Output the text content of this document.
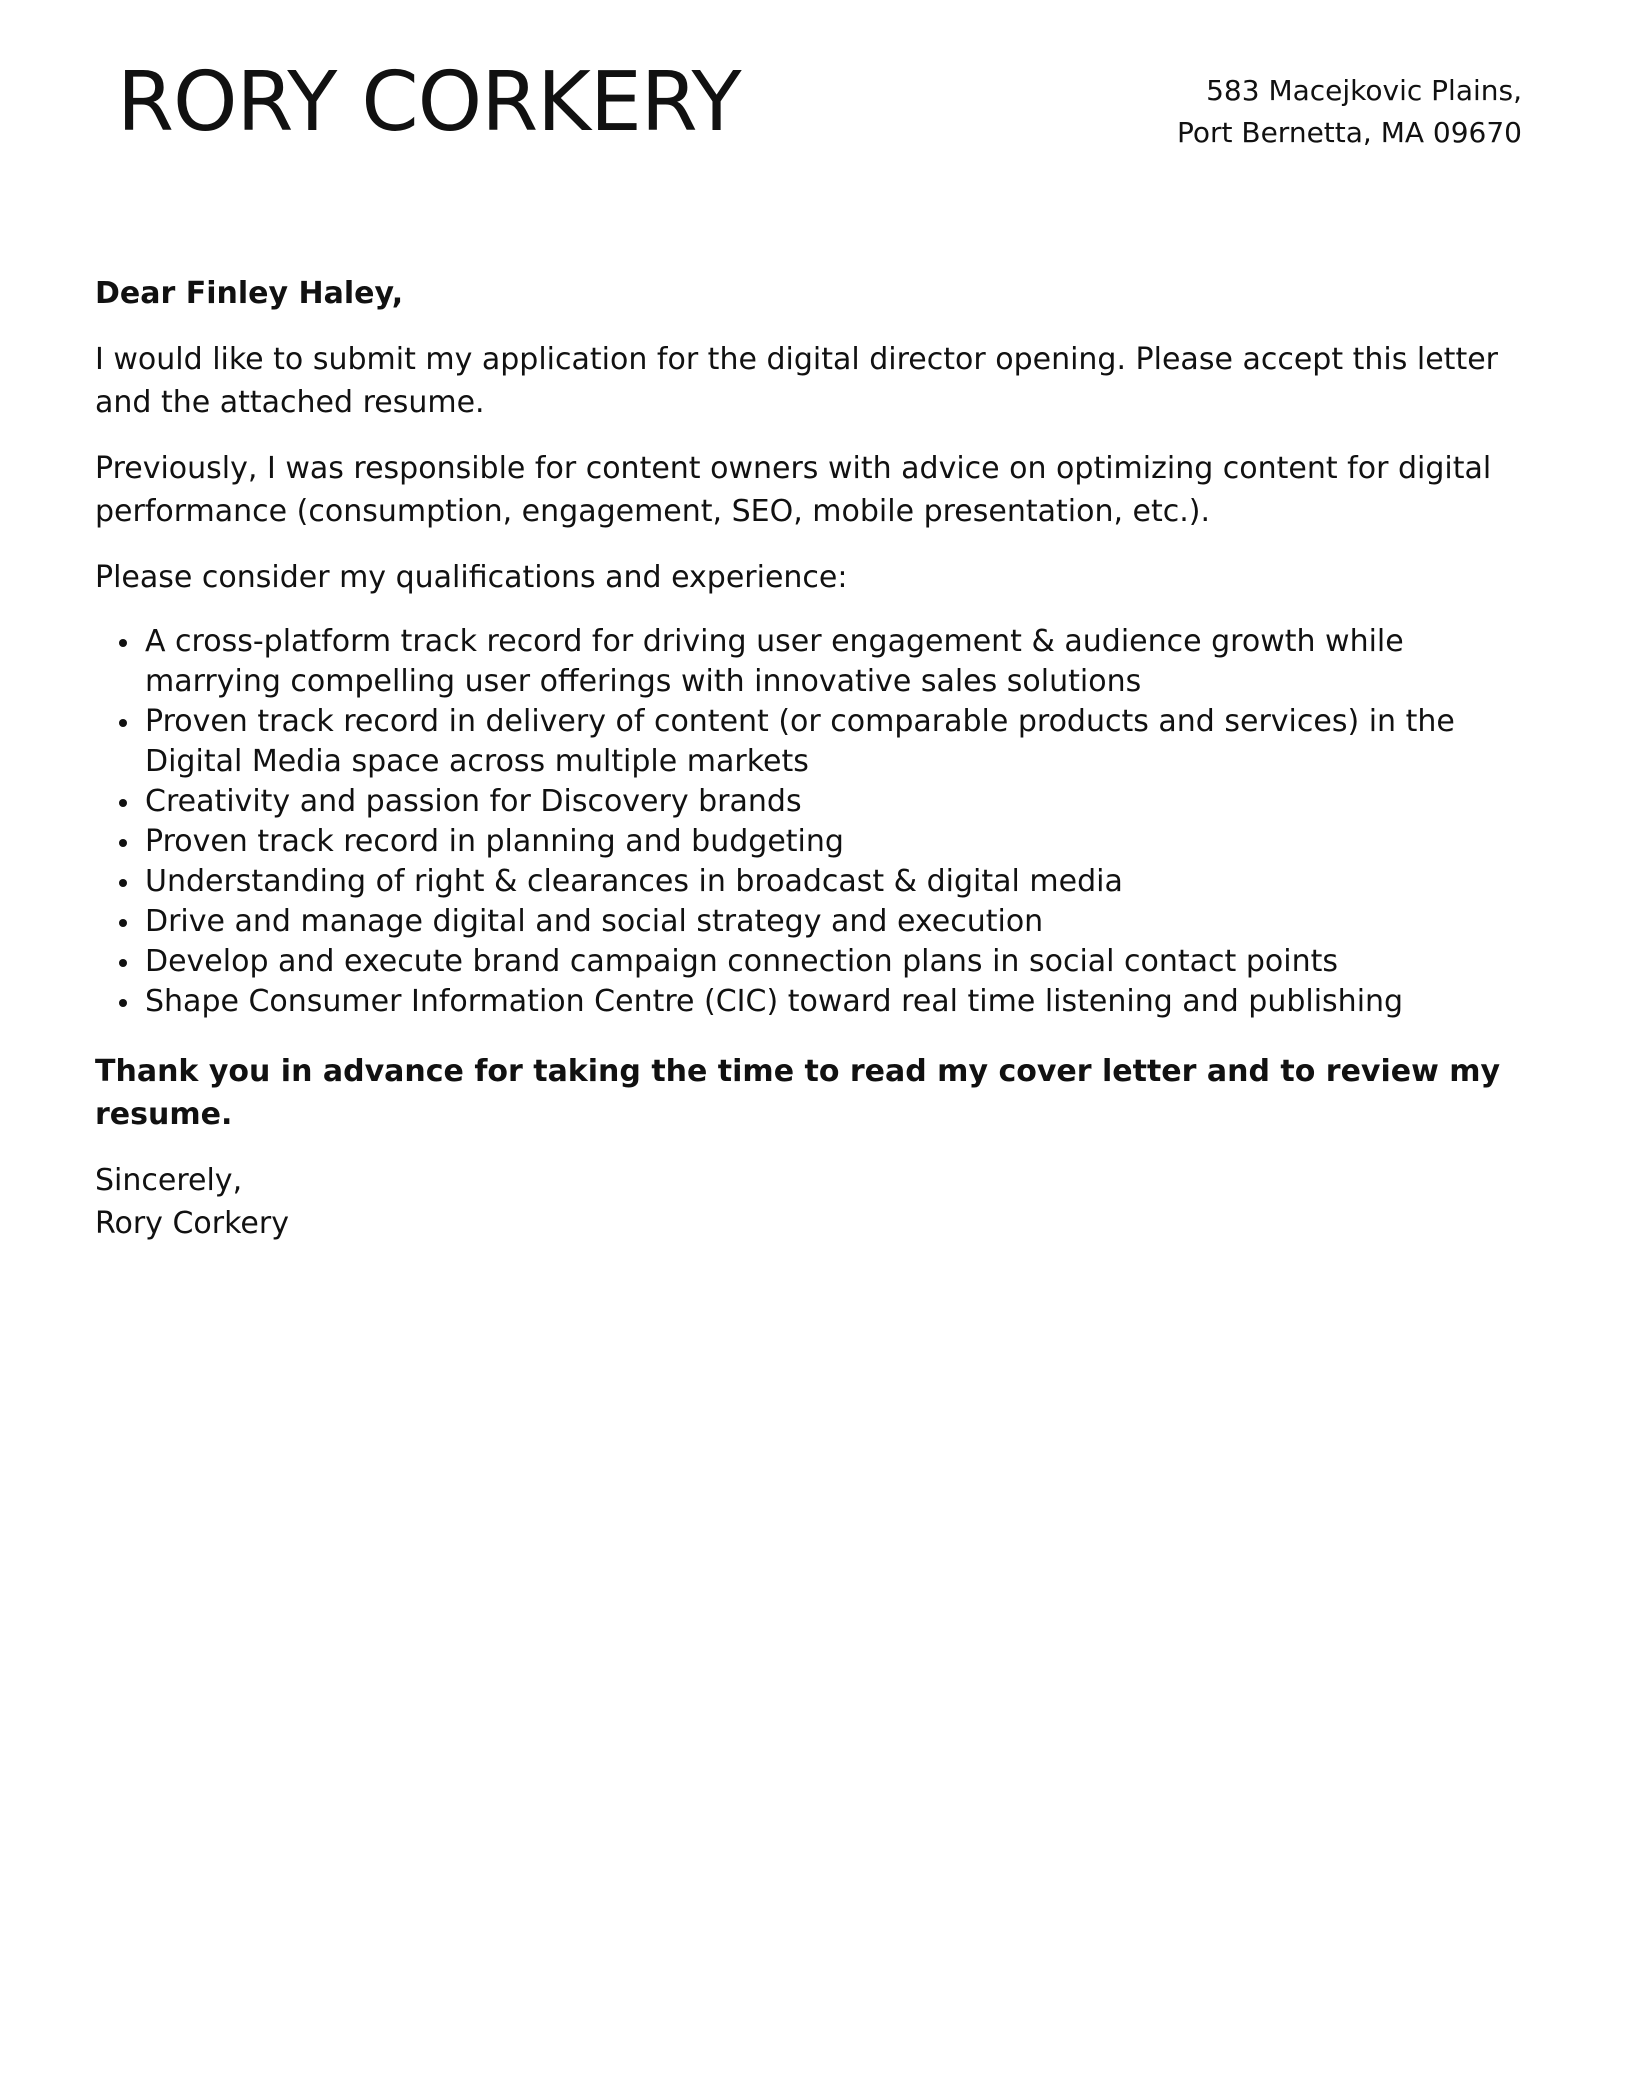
RORY CORKERY	583 Macejkovic Plains,
Port Bernetta, MA 09670

Dear Finley Haley,

I would like to submit my application for the digital director opening. Please accept this letter and the attached resume.

Previously, I was responsible for content owners with advice on optimizing content for digital performance (consumption, engagement, SEO, mobile presentation, etc.).

Please consider my qualifications and experience:

A cross-platform track record for driving user engagement & audience growth while marrying compelling user offerings with innovative sales solutions
Proven track record in delivery of content (or comparable products and services) in the Digital Media space across multiple markets
Creativity and passion for Discovery brands
Proven track record in planning and budgeting
Understanding of right & clearances in broadcast & digital media
Drive and manage digital and social strategy and execution
Develop and execute brand campaign connection plans in social contact points
Shape Consumer Information Centre (CIC) toward real time listening and publishing

Thank you in advance for taking the time to read my cover letter and to review my resume.

Sincerely,
Rory Corkery
